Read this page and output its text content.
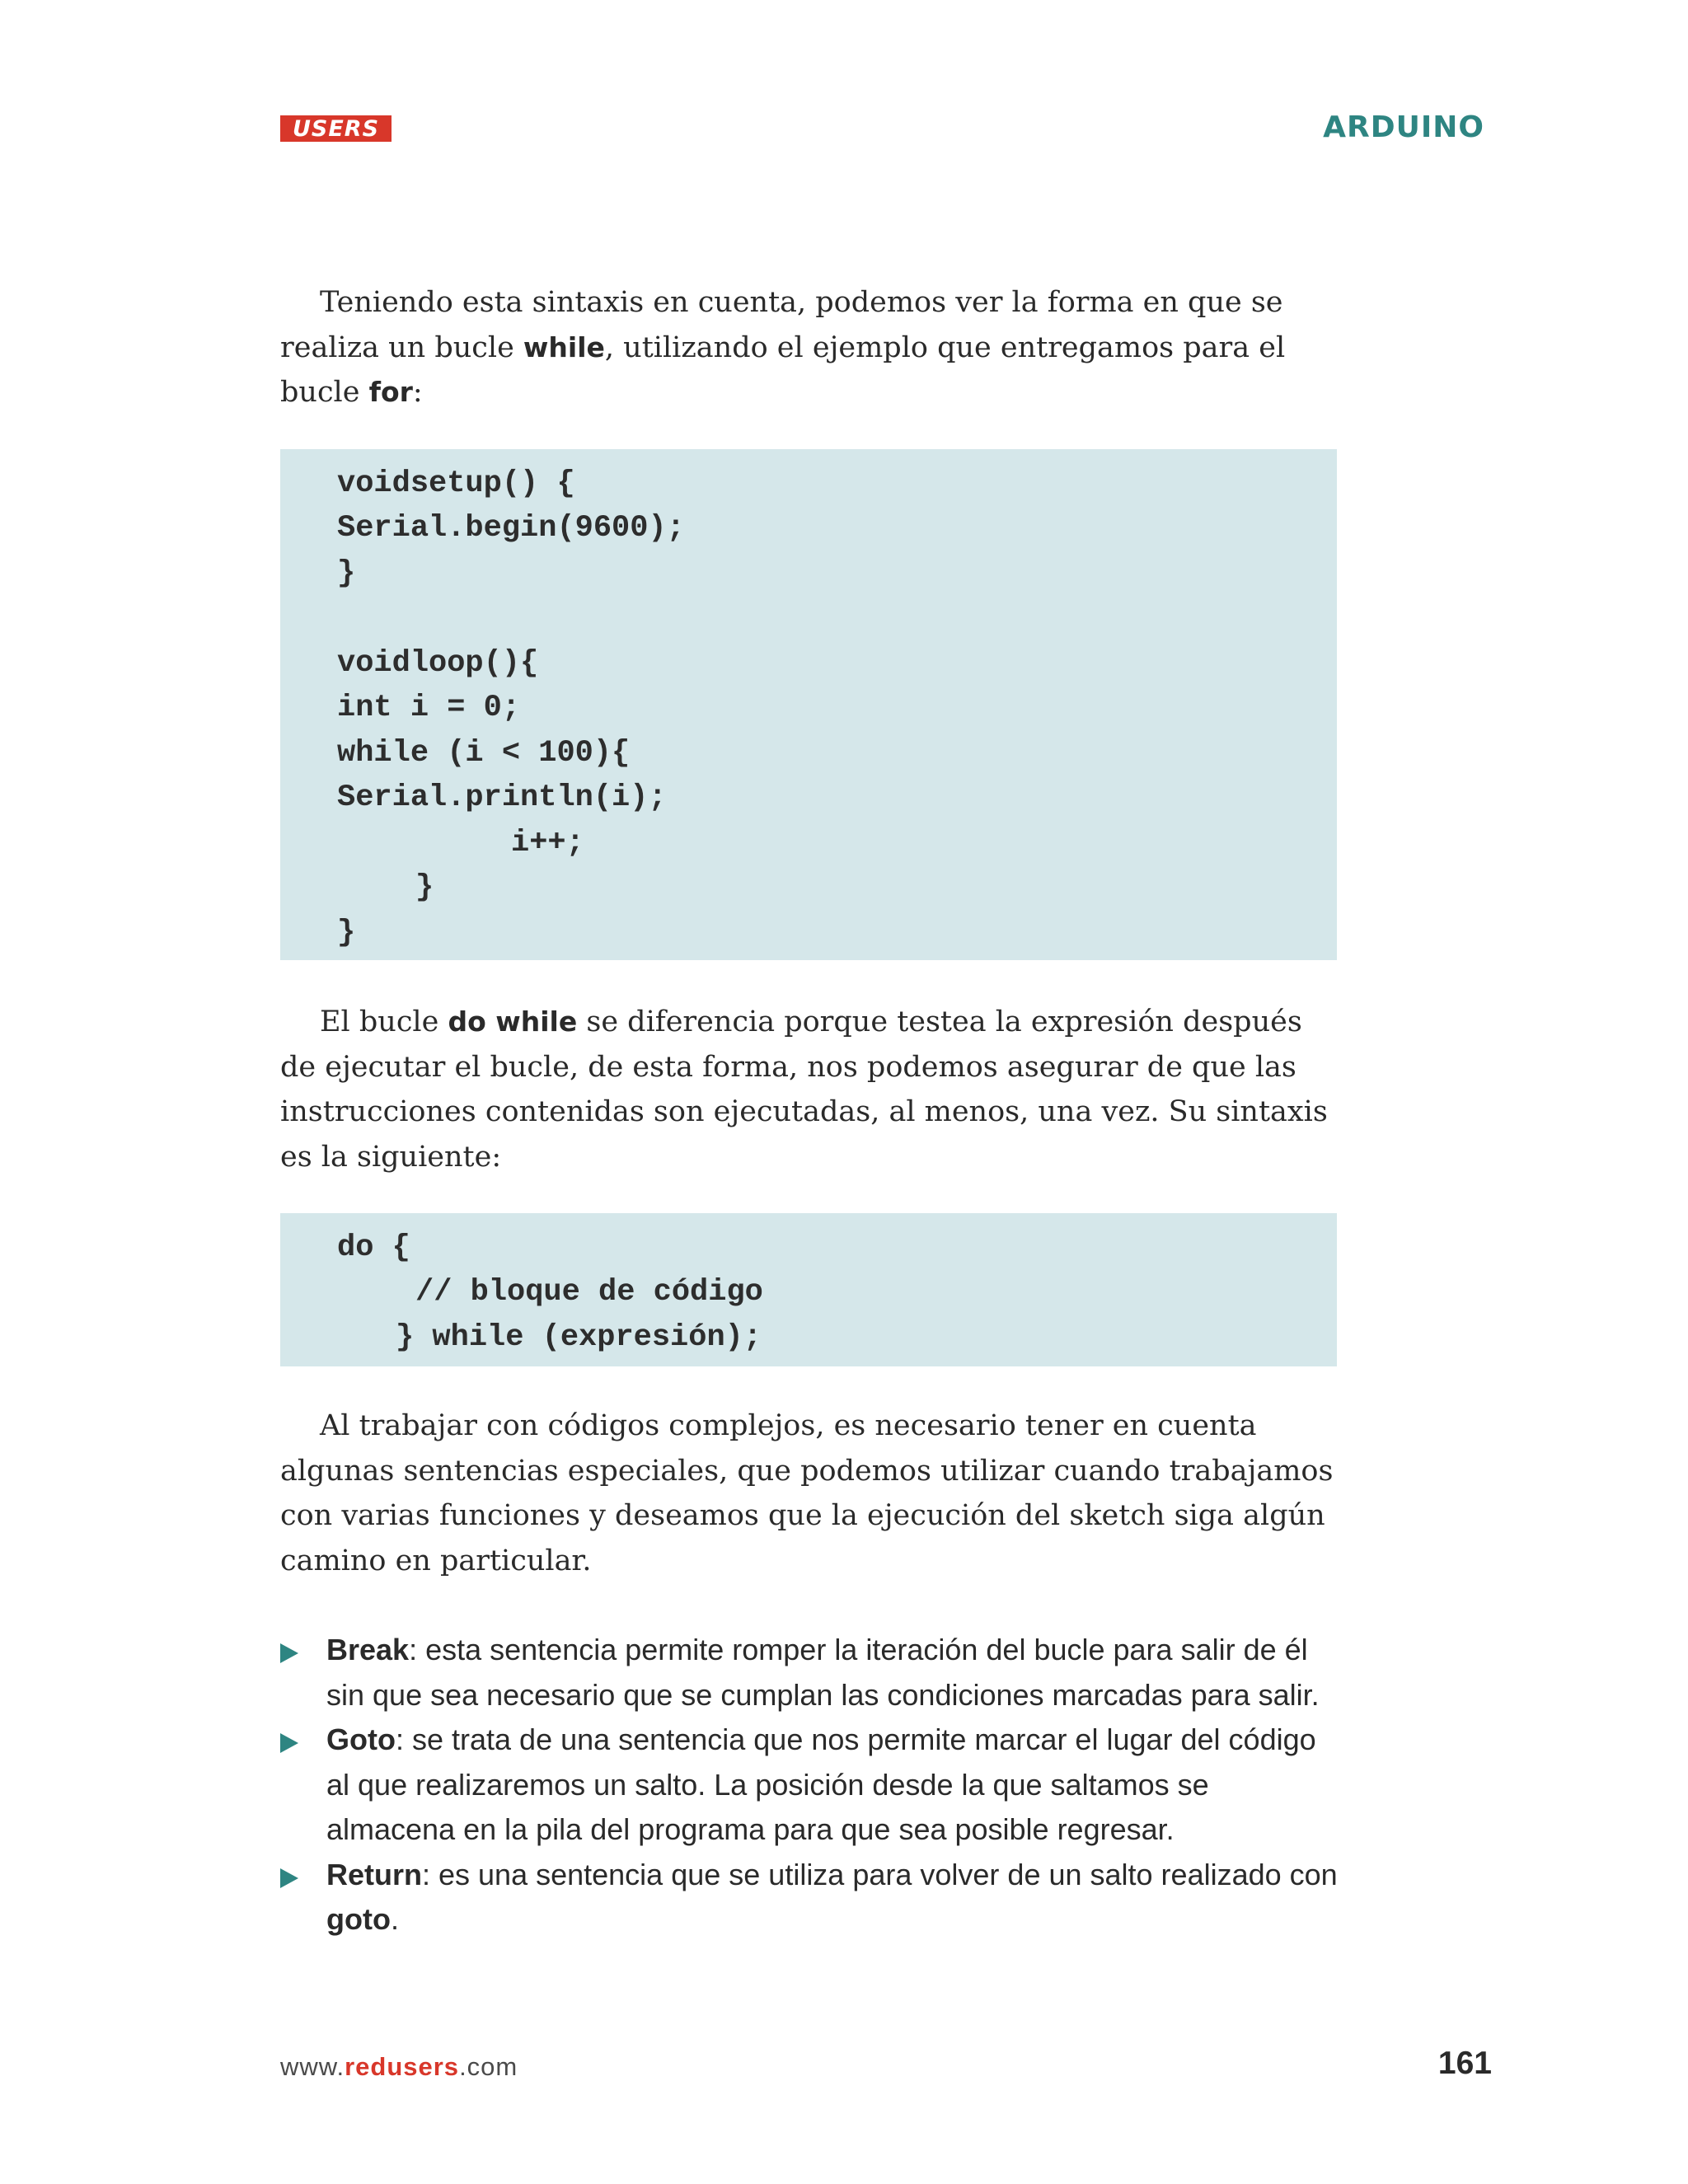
USERS	ARDUINO

Teniendo esta sintaxis en cuenta, podemos ver la forma en que se realiza un bucle while, utilizando el ejemplo que entregamos para el bucle for:

voidsetup() {
Serial.begin(9600);
}
voidloop(){
int i = 0;
while (i < 100){
Serial.println(i);
i++;
}
}

El bucle do while se diferencia porque testea la expresión después de ejecutar el bucle, de esta forma, nos podemos asegurar de que las instrucciones contenidas son ejecutadas, al menos, una vez. Su sintaxis es la siguiente:

do {
// bloque de código
} while (expresión);

Al trabajar con códigos complejos, es necesario tener en cuenta algunas sentencias especiales, que podemos utilizar cuando trabajamos con varias funciones y deseamos que la ejecución del sketch siga algún camino en particular.

Break: esta sentencia permite romper la iteración del bucle para salir de él sin que sea necesario que se cumplan las condiciones marcadas para salir.
Goto: se trata de una sentencia que nos permite marcar el lugar del código al que realizaremos un salto. La posición desde la que saltamos se almacena en la pila del programa para que sea posible regresar.
Return: es una sentencia que se utiliza para volver de un salto realizado con goto.
www.redusers.com	161
